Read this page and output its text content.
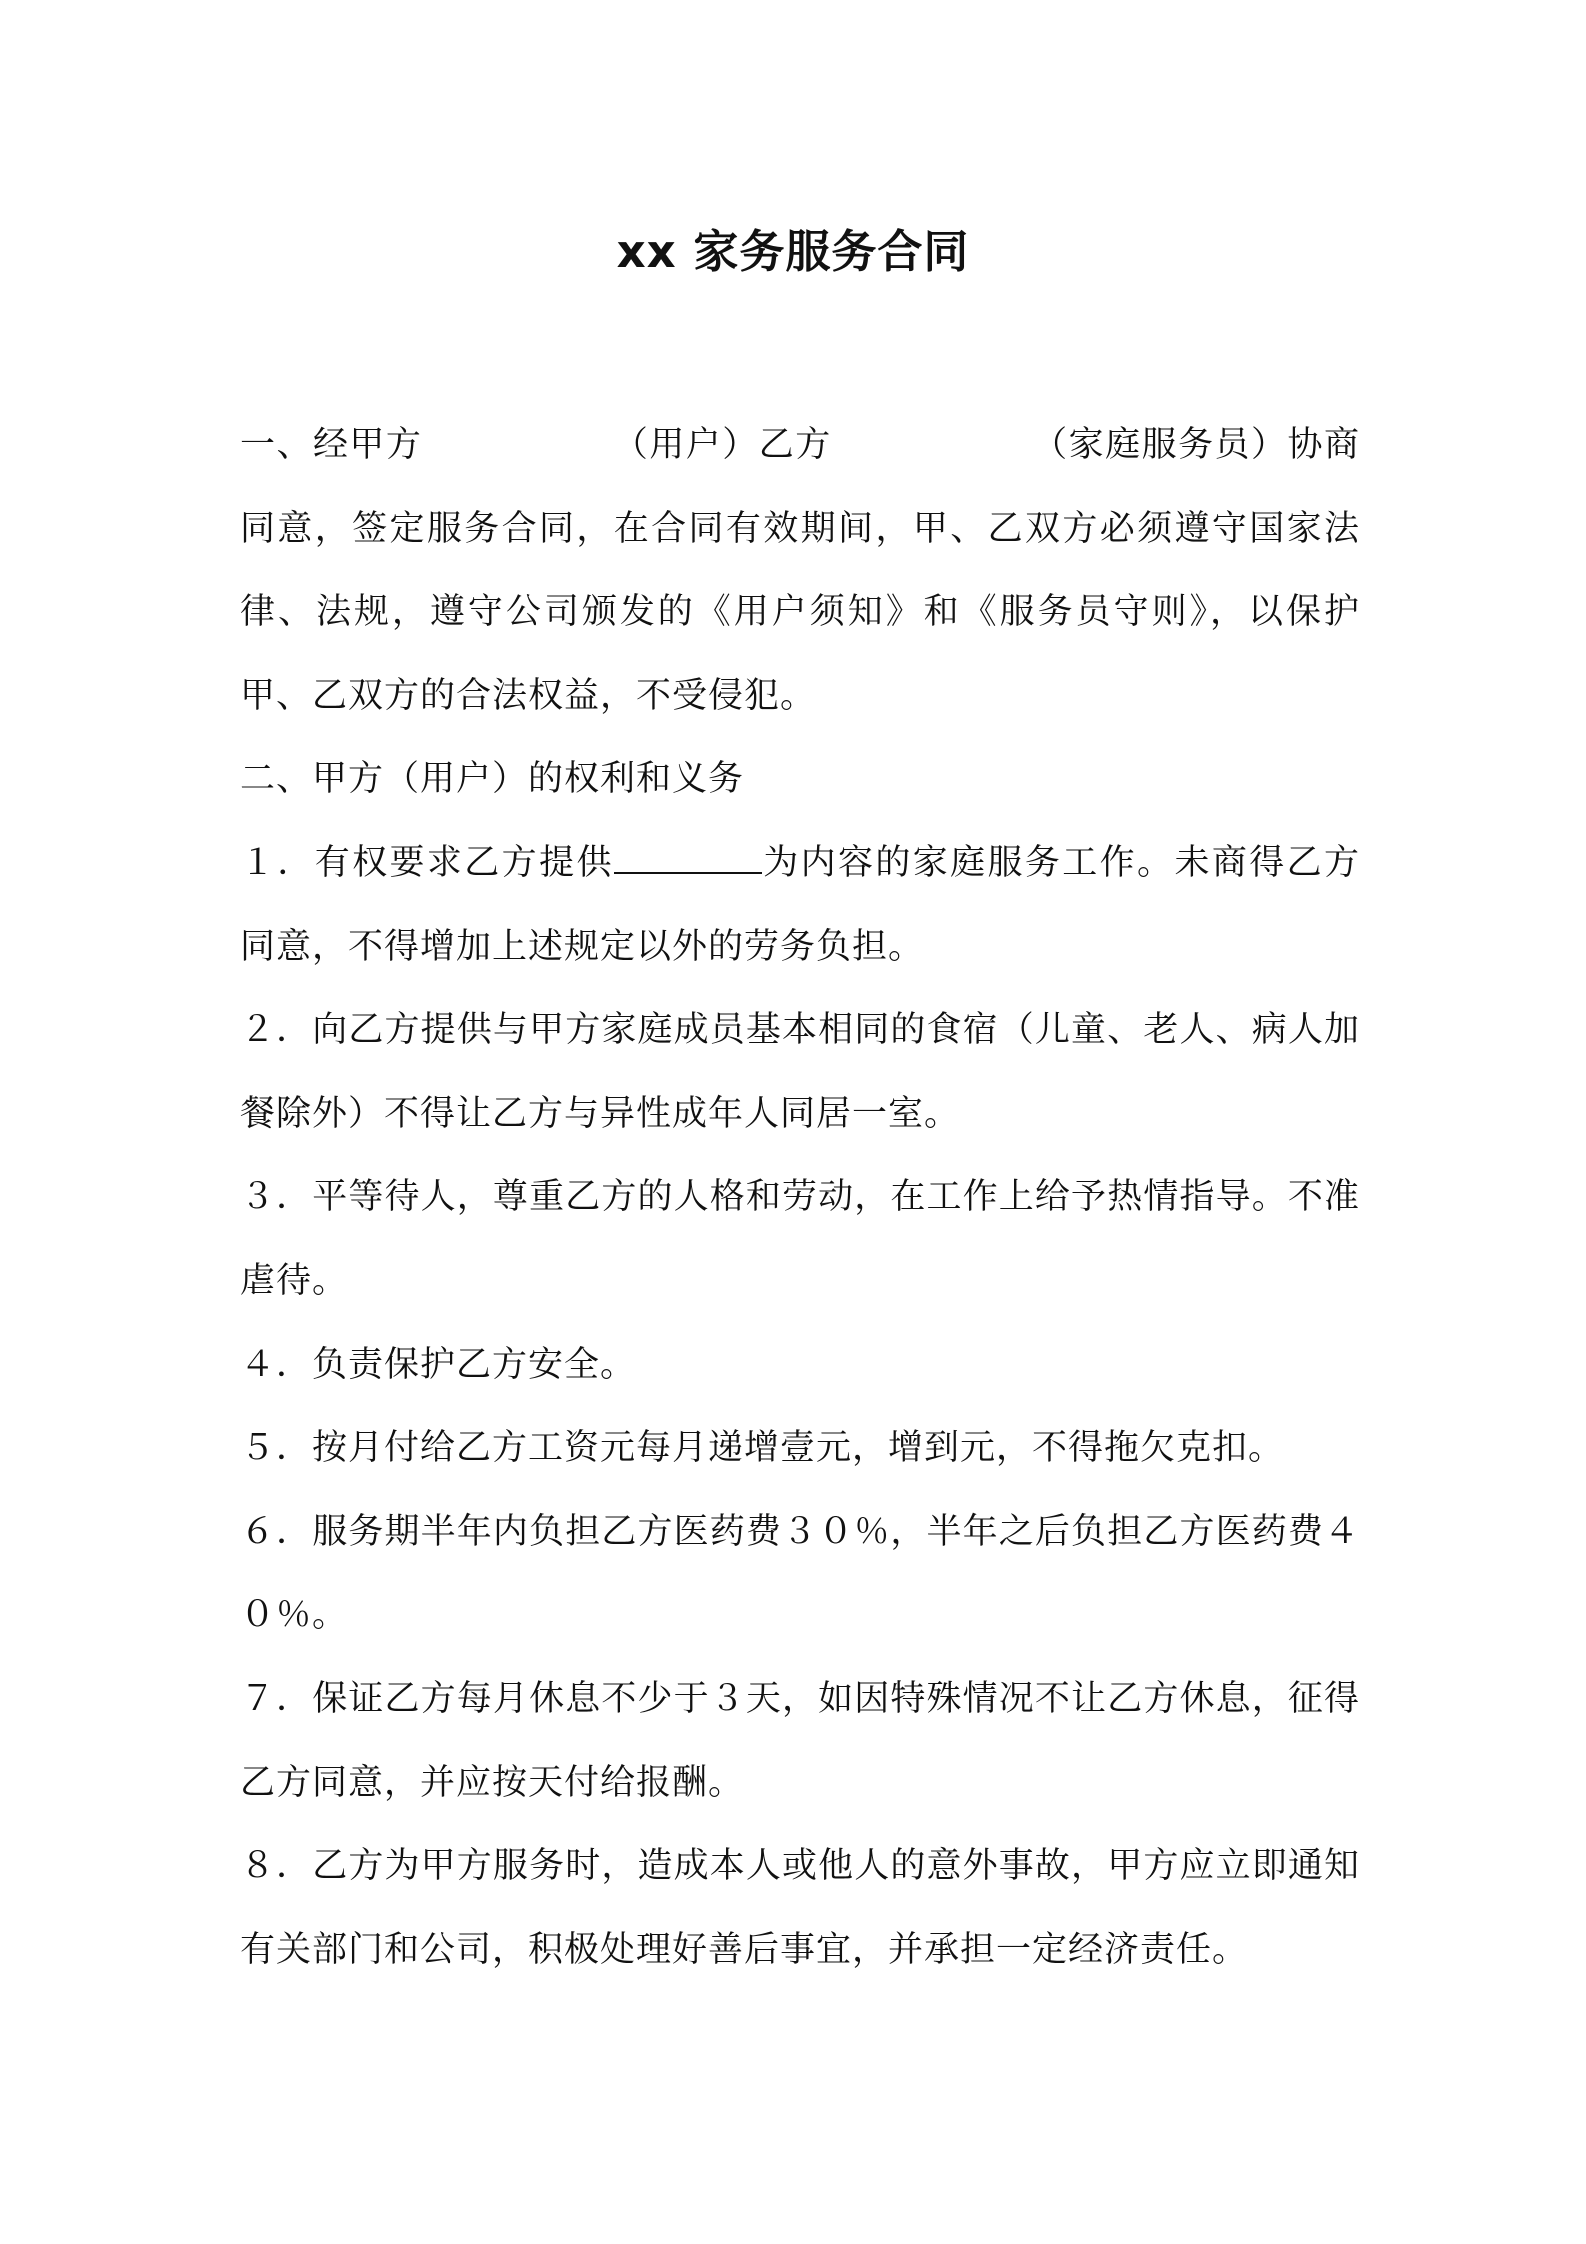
xx 家务服务合同

一、经甲方	（用户）乙方	（家庭服务员）协商同意，签定服务合同，在合同有效期间，甲、乙双方必须遵守国家法律、法规，遵守公司颁发的《用户须知》和《服务员守则》，以保护甲、乙双方的合法权益，不受侵犯。

二、甲方（用户）的权利和义务

１．有权要求乙方提供	为内容的家庭服务工作。未商得乙方同意，不得增加上述规定以外的劳务负担。

２．向乙方提供与甲方家庭成员基本相同的食宿（儿童、老人、病人加餐除外）不得让乙方与异性成年人同居一室。

３．平等待人，尊重乙方的人格和劳动，在工作上给予热情指导。不准虐待。

４．负责保护乙方安全。

５．按月付给乙方工资元每月递增壹元，增到元，不得拖欠克扣。

６．服务期半年内负担乙方医药费３０％，半年之后负担乙方医药费４０％。

７．保证乙方每月休息不少于３天，如因特殊情况不让乙方休息，征得乙方同意，并应按天付给报酬。

８．乙方为甲方服务时，造成本人或他人的意外事故，甲方应立即通知有关部门和公司，积极处理好善后事宜，并承担一定经济责任。
